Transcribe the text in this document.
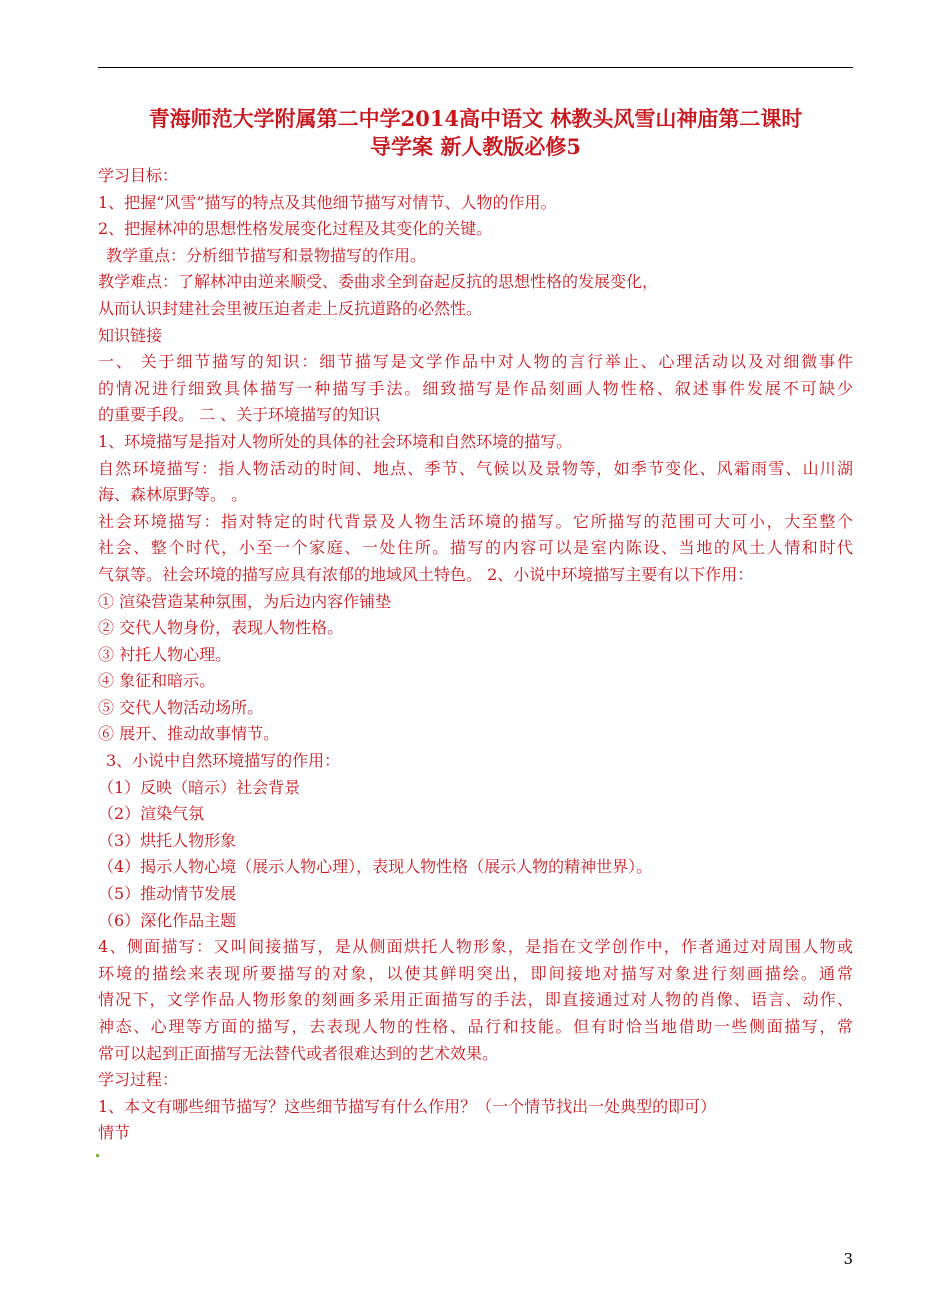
青海师范大学附属第二中学2014高中语文 林教头风雪山神庙第二课时
导学案 新人教版必修5
学习目标：
1、把握“风雪”描写的特点及其他细节描写对情节、人物的作用。
2、把握林冲的思想性格发展变化过程及其变化的关键。
教学重点：分析细节描写和景物描写的作用。
教学难点：了解林冲由逆来顺受、委曲求全到奋起反抗的思想性格的发展变化，
从而认识封建社会里被压迫者走上反抗道路的必然性。
知识链接
一、 关于细节描写的知识：细节描写是文学作品中对人物的言行举止、心理活动以及对细微事件
的情况进行细致具体描写一种描写手法。细致描写是作品刻画人物性格、叙述事件发展不可缺少
的重要手段。 二 、关于环境描写的知识
1、环境描写是指对人物所处的具体的社会环境和自然环境的描写。
自然环境描写：指人物活动的时间、地点、季节、气候以及景物等，如季节变化、风霜雨雪、山川湖
海、森林原野等。 。
社会环境描写：指对特定的时代背景及人物生活环境的描写。它所描写的范围可大可小，大至整个
社会、整个时代，小至一个家庭、一处住所。描写的内容可以是室内陈设、当地的风土人情和时代
气氛等。社会环境的描写应具有浓郁的地域风土特色。 2、小说中环境描写主要有以下作用：
① 渲染营造某种氛围，为后边内容作铺垫
② 交代人物身份，表现人物性格。
③ 衬托人物心理。
④ 象征和暗示。
⑤ 交代人物活动场所。
⑥ 展开、推动故事情节。
3、小说中自然环境描写的作用：
（1）反映（暗示）社会背景
（2）渲染气氛
（3）烘托人物形象
（4）揭示人物心境（展示人物心理），表现人物性格（展示人物的精神世界）。
（5）推动情节发展
（6）深化作品主题
4、侧面描写：又叫间接描写，是从侧面烘托人物形象，是指在文学创作中，作者通过对周围人物或
环境的描绘来表现所要描写的对象，以使其鲜明突出，即间接地对描写对象进行刻画描绘。通常
情况下，文学作品人物形象的刻画多采用正面描写的手法，即直接通过对人物的肖像、语言、动作、
神态、心理等方面的描写，去表现人物的性格、品行和技能。但有时恰当地借助一些侧面描写，常
常可以起到正面描写无法替代或者很难达到的艺术效果。
学习过程：
1、本文有哪些细节描写？这些细节描写有什么作用？（一个情节找出一处典型的即可）
情节
3
